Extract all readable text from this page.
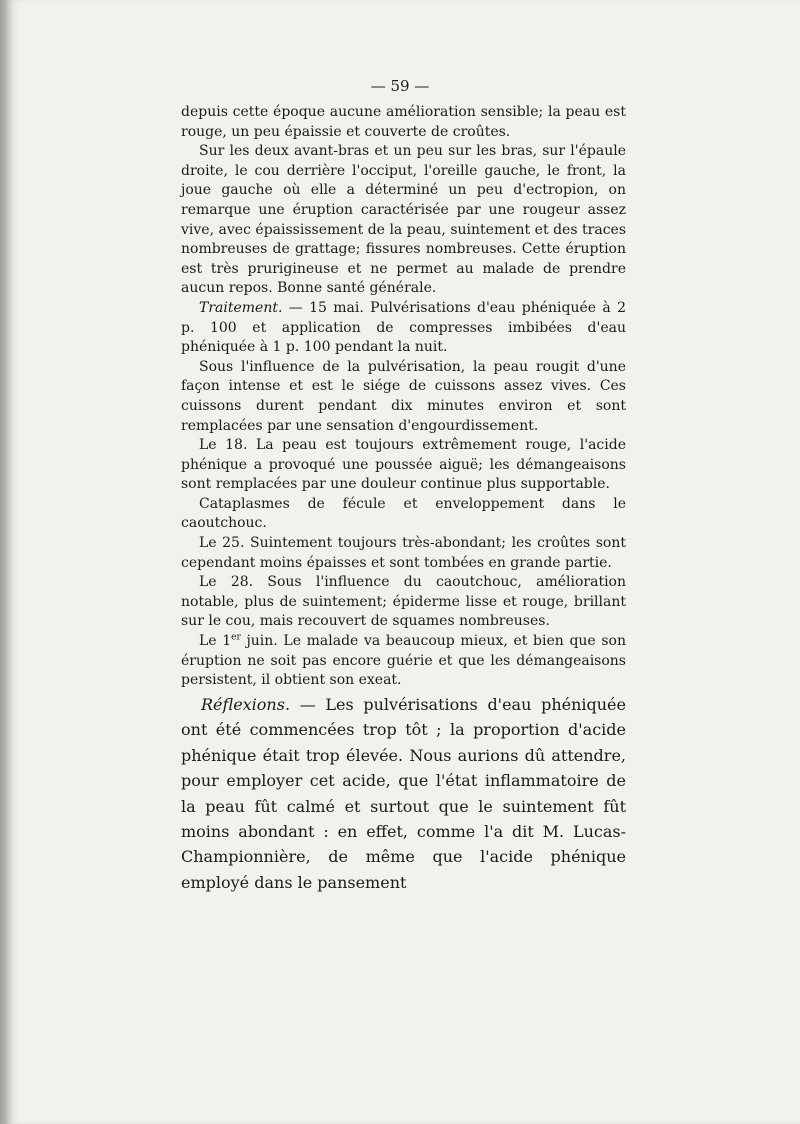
— 59 —

depuis cette époque aucune amélioration sensible; la peau est rouge, un peu épaissie et couverte de croûtes.

Sur les deux avant-bras et un peu sur les bras, sur l'épaule droite, le cou derrière l'occiput, l'oreille gauche, le front, la joue gauche où elle a déterminé un peu d'ectropion, on remarque une éruption caractérisée par une rougeur assez vive, avec épaississement de la peau, suintement et des traces nombreuses de grattage; fissures nombreuses. Cette éruption est très prurigineuse et ne permet au malade de prendre aucun repos. Bonne santé générale.

Traitement. — 15 mai. Pulvérisations d'eau phéniquée à 2 p. 100 et application de compresses imbibées d'eau phéniquée à 1 p. 100 pendant la nuit.

Sous l'influence de la pulvérisation, la peau rougit d'une façon intense et est le siége de cuissons assez vives. Ces cuissons durent pendant dix minutes environ et sont remplacées par une sensation d'engourdissement.

Le 18. La peau est toujours extrêmement rouge, l'acide phénique a provoqué une poussée aiguë; les démangeaisons sont remplacées par une douleur continue plus supportable.

Cataplasmes de fécule et enveloppement dans le caoutchouc.

Le 25. Suintement toujours très-abondant; les croûtes sont cependant moins épaisses et sont tombées en grande partie.

Le 28. Sous l'influence du caoutchouc, amélioration notable, plus de suintement; épiderme lisse et rouge, brillant sur le cou, mais recouvert de squames nombreuses.

Le 1er juin. Le malade va beaucoup mieux, et bien que son éruption ne soit pas encore guérie et que les démangeaisons persistent, il obtient son exeat.

Réflexions. — Les pulvérisations d'eau phéniquée ont été commencées trop tôt ; la proportion d'acide phénique était trop élevée. Nous aurions dû attendre, pour employer cet acide, que l'état inflammatoire de la peau fût calmé et surtout que le suintement fût moins abondant : en effet, comme l'a dit M. Lucas-Championnière, de même que l'acide phénique employé dans le pansement
